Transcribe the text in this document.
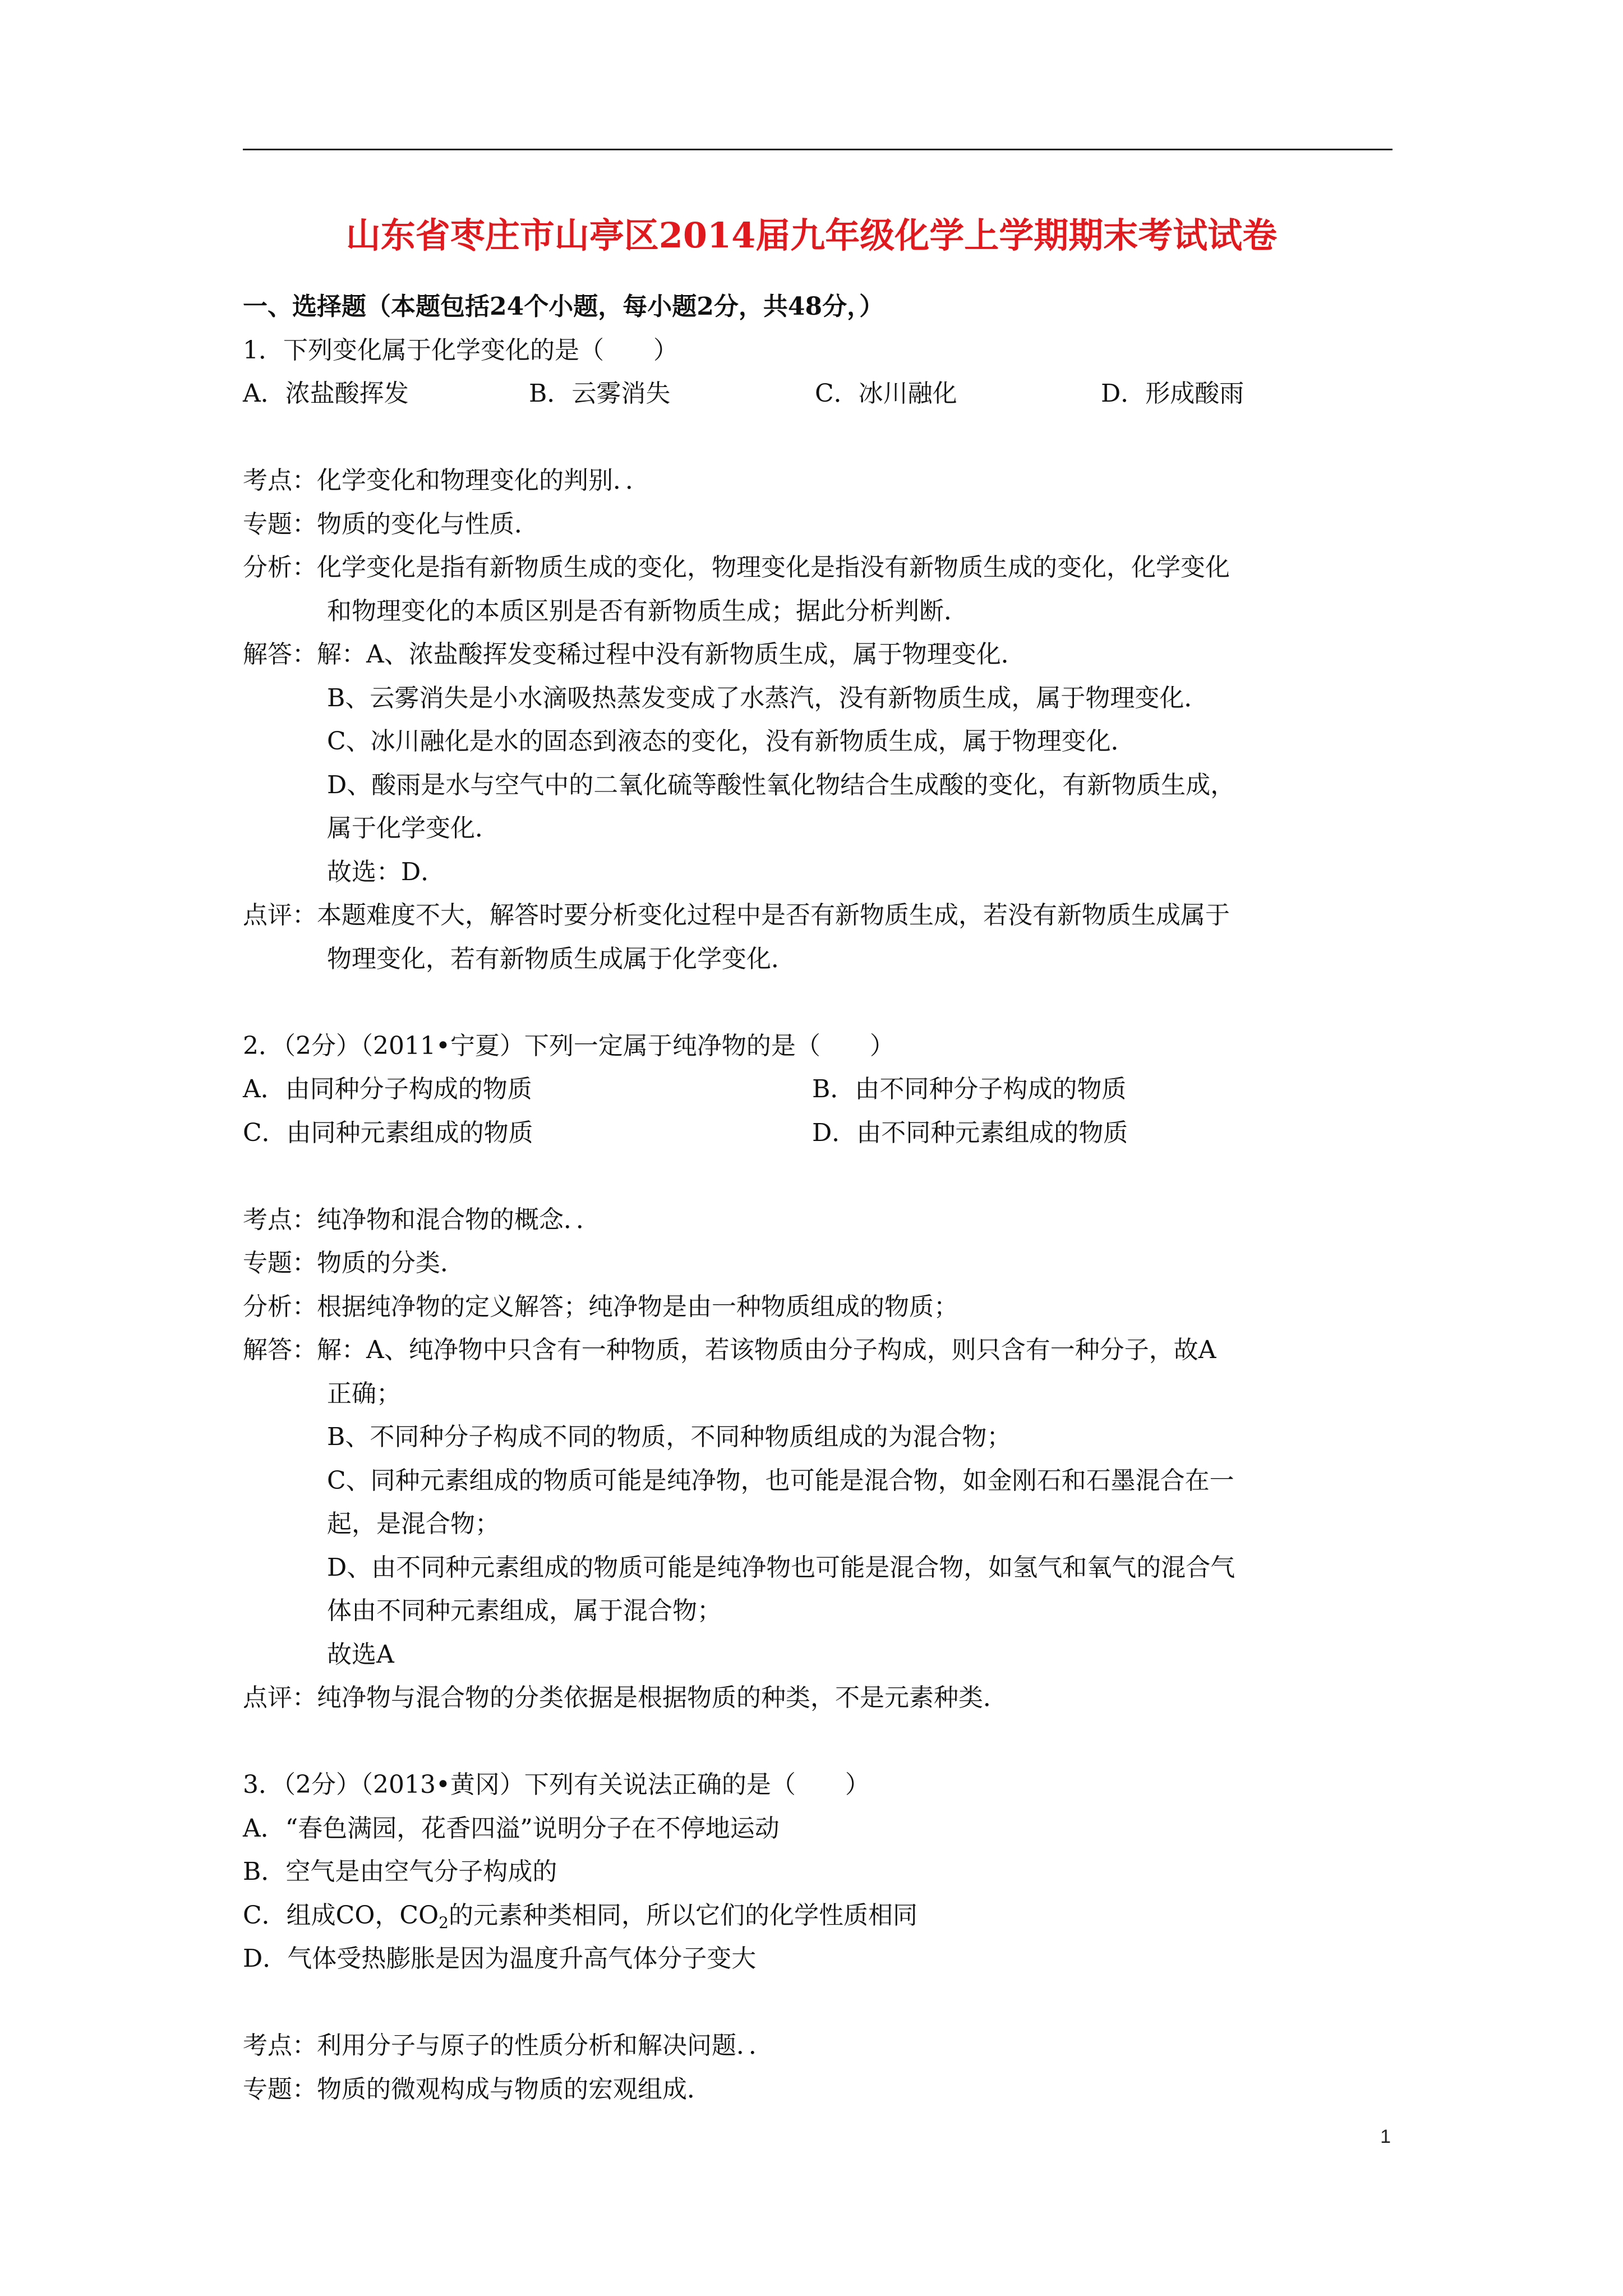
山东省枣庄市山亭区2014届九年级化学上学期期末考试试卷
一、选择题（本题包括24个小题，每小题2分，共48分，）
1．下列变化属于化学变化的是（　　）
A．浓盐酸挥发	B．云雾消失	C．冰川融化	D．形成酸雨
考点：化学变化和物理变化的判别．．
专题：物质的变化与性质．
分析：化学变化是指有新物质生成的变化，物理变化是指没有新物质生成的变化，化学变化
和物理变化的本质区别是否有新物质生成；据此分析判断．
解答：解：A、浓盐酸挥发变稀过程中没有新物质生成，属于物理变化．
B、云雾消失是小水滴吸热蒸发变成了水蒸汽，没有新物质生成，属于物理变化．
C、冰川融化是水的固态到液态的变化，没有新物质生成，属于物理变化．
D、酸雨是水与空气中的二氧化硫等酸性氧化物结合生成酸的变化，有新物质生成，
属于化学变化．
故选：D．
点评：本题难度不大，解答时要分析变化过程中是否有新物质生成，若没有新物质生成属于
物理变化，若有新物质生成属于化学变化．
2．（2分）（2011•宁夏）下列一定属于纯净物的是（　　）
A．由同种分子构成的物质	B．由不同种分子构成的物质
C．由同种元素组成的物质	D．由不同种元素组成的物质
考点：纯净物和混合物的概念．．
专题：物质的分类．
分析：根据纯净物的定义解答；纯净物是由一种物质组成的物质；
解答：解：A、纯净物中只含有一种物质，若该物质由分子构成，则只含有一种分子，故A
正确；
B、不同种分子构成不同的物质，不同种物质组成的为混合物；
C、同种元素组成的物质可能是纯净物，也可能是混合物，如金刚石和石墨混合在一
起，是混合物；
D、由不同种元素组成的物质可能是纯净物也可能是混合物，如氢气和氧气的混合气
体由不同种元素组成，属于混合物；
故选A
点评：纯净物与混合物的分类依据是根据物质的种类，不是元素种类．
3．（2分）（2013•黄冈）下列有关说法正确的是（　　）
A．“春色满园，花香四溢”说明分子在不停地运动
B．空气是由空气分子构成的
C．组成CO，$CO_2$的元素种类相同，所以它们的化学性质相同
D．气体受热膨胀是因为温度升高气体分子变大
考点：利用分子与原子的性质分析和解决问题．．
专题：物质的微观构成与物质的宏观组成．
1
